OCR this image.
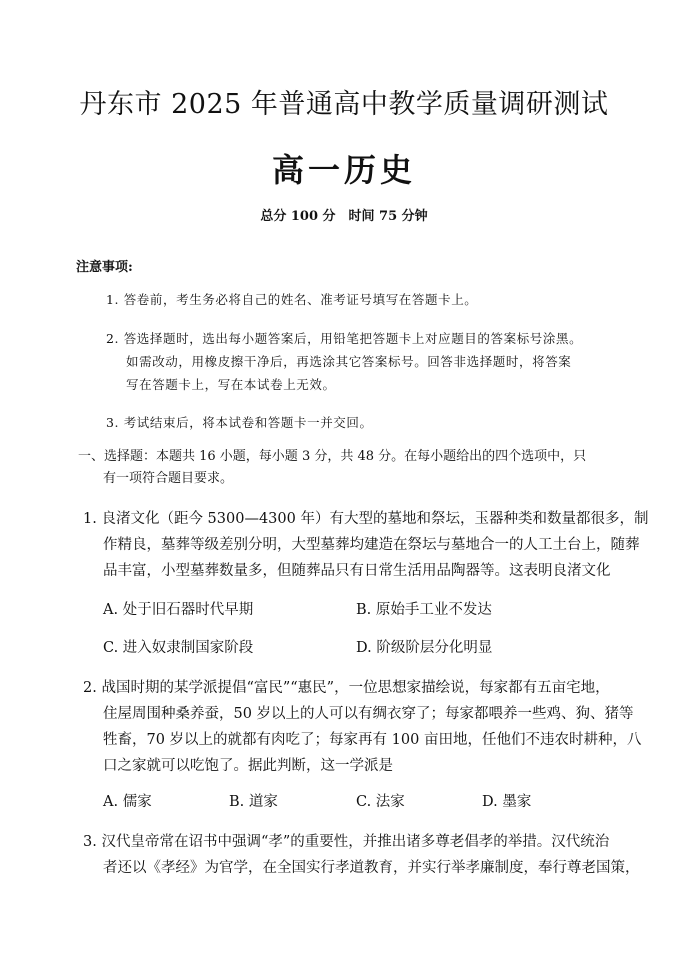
丹东市 2025 年普通高中教学质量调研测试
高一历史
总分 100 分　时间 75 分钟
注意事项:
1. 答卷前，考生务必将自己的姓名、准考证号填写在答题卡上。
2. 答选择题时，选出每小题答案后，用铅笔把答题卡上对应题目的答案标号涂黑。
如需改动，用橡皮擦干净后，再选涂其它答案标号。回答非选择题时，将答案
写在答题卡上，写在本试卷上无效。
3. 考试结束后，将本试卷和答题卡一并交回。
一、选择题：本题共 16 小题，每小题 3 分，共 48 分。在每小题给出的四个选项中，只
有一项符合题目要求。
1. 良渚文化（距今 5300—4300 年）有大型的墓地和祭坛，玉器种类和数量都很多，制
作精良，墓葬等级差别分明，大型墓葬均建造在祭坛与墓地合一的人工土台上，随葬
品丰富，小型墓葬数量多，但随葬品只有日常生活用品陶器等。这表明良渚文化
A. 处于旧石器时代早期	B. 原始手工业不发达
C. 进入奴隶制国家阶段	D. 阶级阶层分化明显
2. 战国时期的某学派提倡“富民”“惠民”，一位思想家描绘说，每家都有五亩宅地，
住屋周围种桑养蚕，50 岁以上的人可以有绸衣穿了；每家都喂养一些鸡、狗、猪等
牲畜，70 岁以上的就都有肉吃了；每家再有 100 亩田地，任他们不违农时耕种，八
口之家就可以吃饱了。据此判断，这一学派是
A. 儒家	B. 道家	C. 法家	D. 墨家
3. 汉代皇帝常在诏书中强调“孝”的重要性，并推出诸多尊老倡孝的举措。汉代统治
者还以《孝经》为官学，在全国实行孝道教育，并实行举孝廉制度，奉行尊老国策，
